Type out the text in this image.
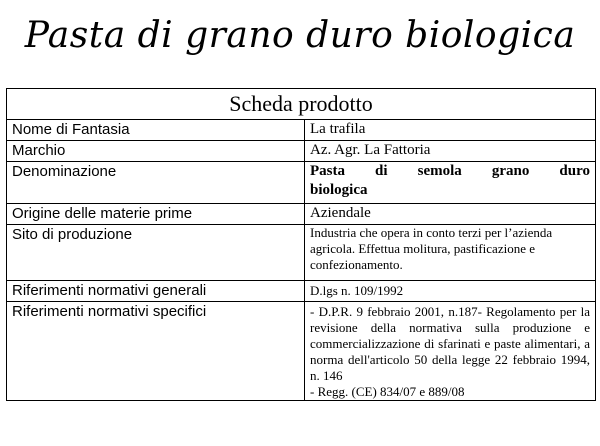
Pasta di grano duro biologica
Scheda prodotto	
Nome di Fantasia	La trafila
Marchio	Az. Agr. La Fattoria
Denominazione	Pasta di semola grano duro
biologica
Origine delle materie prime	Aziendale
Sito di produzione	Industria che opera in conto terzi per l’azienda agricola. Effettua molitura, pastificazione e confezionamento.
Riferimenti normativi generali	D.lgs n. 109/1992
Riferimenti normativi specifici	- D.P.R. 9 febbraio 2001, n.187- Regolamento per la revisione della normativa sulla produzione e commercializzazione di sfarinati e paste alimentari, a norma dell'articolo 50 della legge 22 febbraio 1994, n. 146
- Regg. (CE) 834/07 e 889/08
